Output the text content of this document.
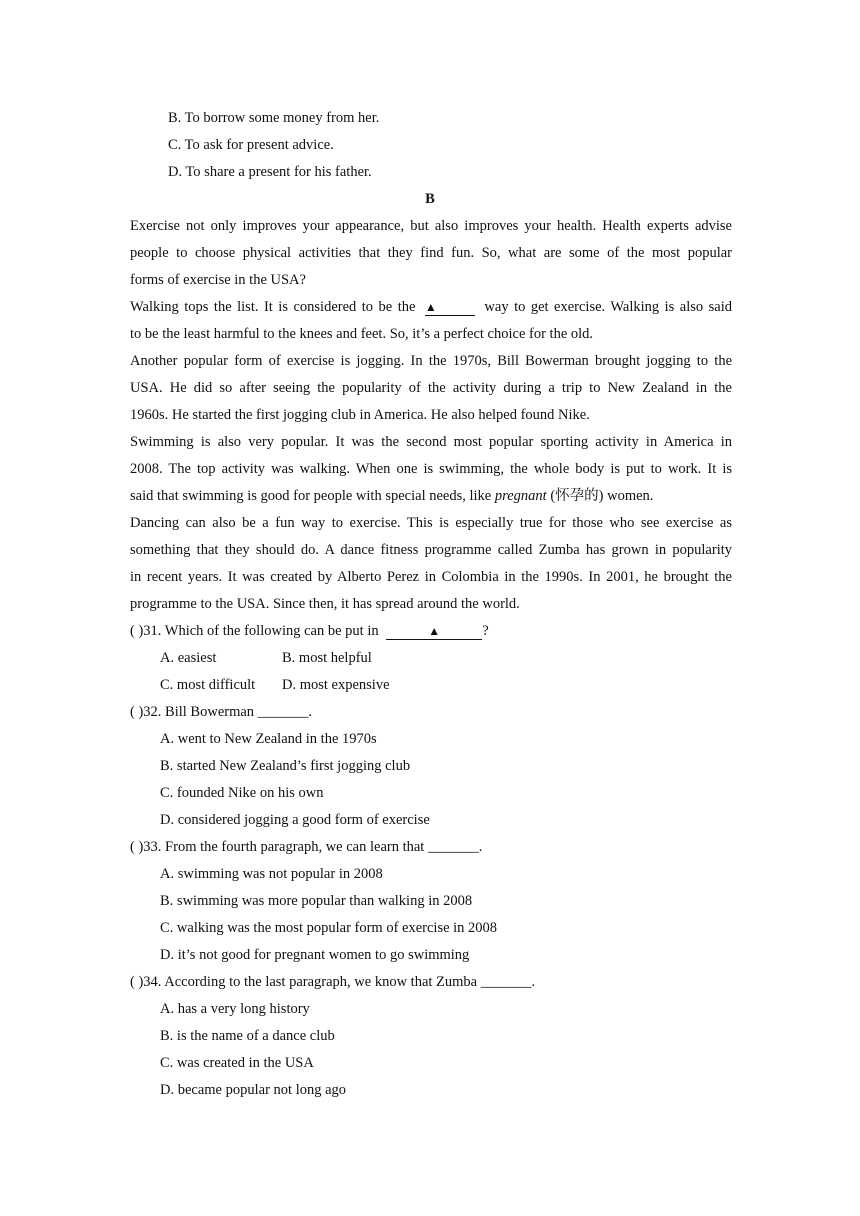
B. To borrow some money from her.
C. To ask for present advice.
D. To share a present for his father.
B
Exercise not only improves your appearance, but also improves your health. Health experts advise
people to choose physical activities that they find fun. So, what are some of the most popular
forms of exercise in the USA?
Walking tops the list. It is considered to be the ▲	way to get exercise. Walking is also said
to be the least harmful to the knees and feet. So, it’s a perfect choice for the old.
Another popular form of exercise is jogging. In the 1970s, Bill Bowerman brought jogging to the
USA. He did so after seeing the popularity of the activity during a trip to New Zealand in the
1960s. He started the first jogging club in America. He also helped found Nike.
Swimming is also very popular. It was the second most popular sporting activity in America in
2008. The top activity was walking. When one is swimming, the whole body is put to work. It is
said that swimming is good for people with special needs, like pregnant (怀孕的) women.
Dancing can also be a fun way to exercise. This is especially true for those who see exercise as
something that they should do. A dance fitness programme called Zumba has grown in popularity
in recent years. It was created by Alberto Perez in Colombia in the 1990s. In 2001, he brought the
programme to the USA. Since then, it has spread around the world.
( )31. Which of the following can be put in	▲	?
A. easiest	B. most helpful
C. most difficult D. most expensive
( )32. Bill Bowerman _______.
A. went to New Zealand in the 1970s
B. started New Zealand’s first jogging club
C. founded Nike on his own
D. considered jogging a good form of exercise
( )33. From the fourth paragraph, we can learn that _______.
A. swimming was not popular in 2008
B. swimming was more popular than walking in 2008
C. walking was the most popular form of exercise in 2008
D. it’s not good for pregnant women to go swimming
( )34. According to the last paragraph, we know that Zumba _______.
A. has a very long history
B. is the name of a dance club
C. was created in the USA
D. became popular not long ago
